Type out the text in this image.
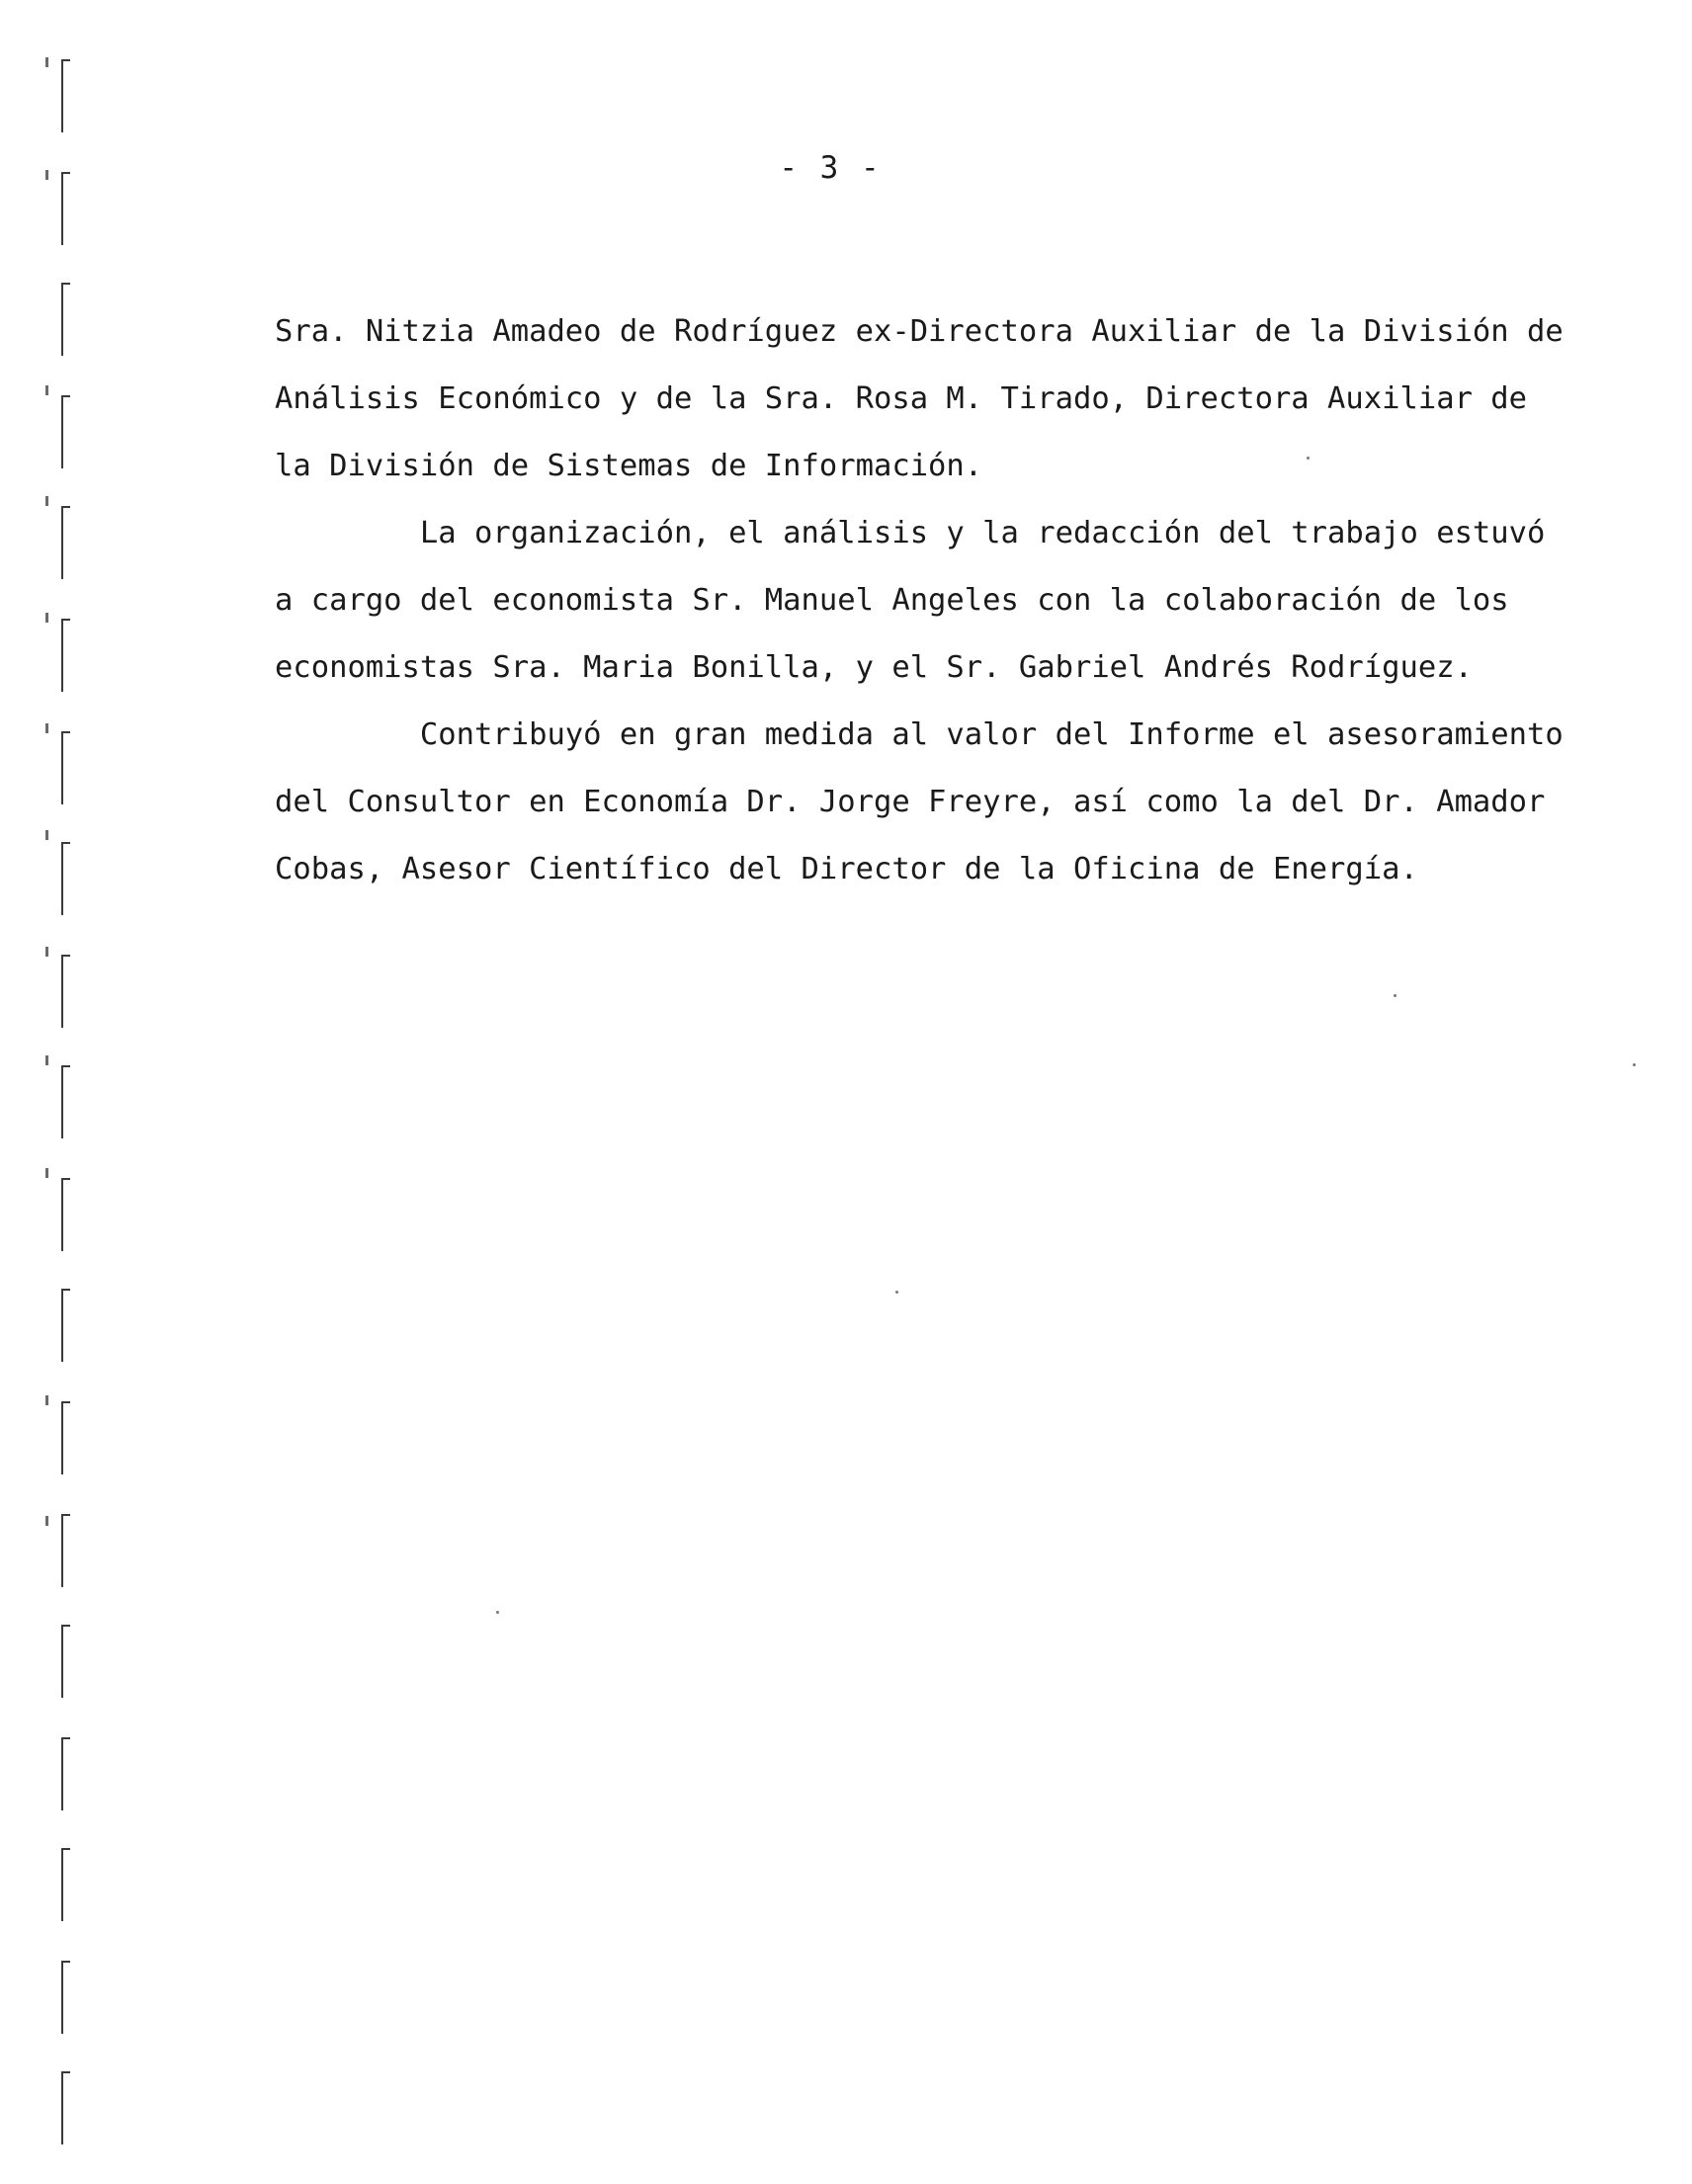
- 3 -

Sra. Nitzia Amadeo de Rodríguez ex-Directora Auxiliar de la División de

Análisis Económico y de la Sra. Rosa M. Tirado, Directora Auxiliar de

la División de Sistemas de Información.

La organización, el análisis y la redacción del trabajo estuvó

a cargo del economista Sr. Manuel Angeles con la colaboración de los

economistas Sra. Maria Bonilla, y el Sr. Gabriel Andrés Rodríguez.

Contribuyó en gran medida al valor del Informe el asesoramiento

del Consultor en Economía Dr. Jorge Freyre, así como la del Dr. Amador

Cobas, Asesor Científico del Director de la Oficina de Energía.
